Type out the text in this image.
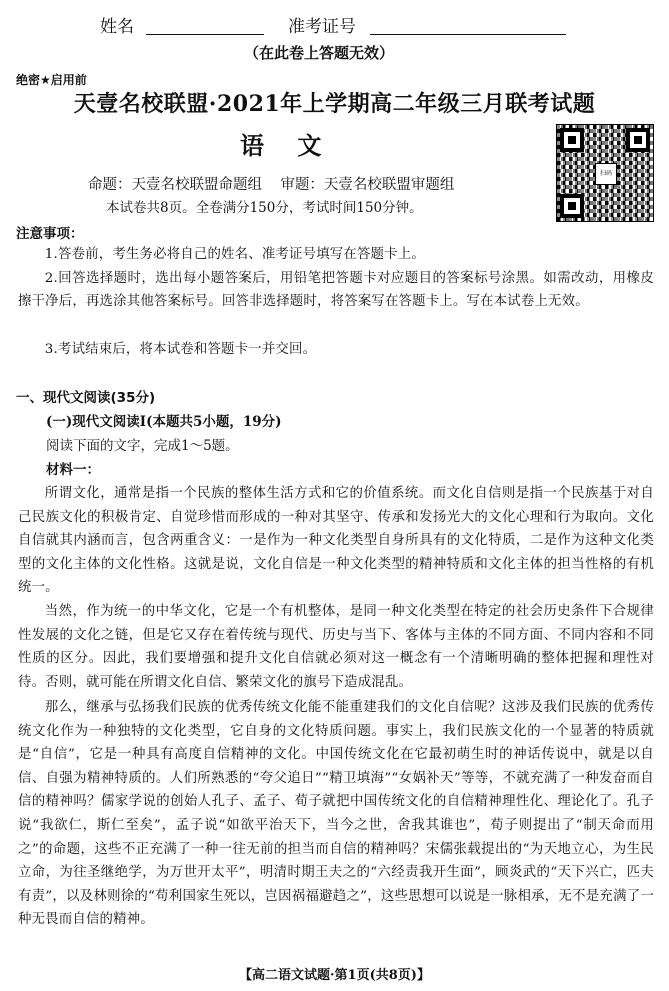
姓名	准考证号
（在此卷上答题无效）
绝密★启用前
天壹名校联盟·2021年上学期高二年级三月联考试题
语    文
扫码
命题：天壹名校联盟命题组    审题：天壹名校联盟审题组
本试卷共8页。全卷满分150分，考试时间150分钟。
注意事项：
1.答卷前，考生务必将自己的姓名、准考证号填写在答题卡上。
2.回答选择题时，选出每小题答案后，用铅笔把答题卡对应题目的答案标号涂黑。如需改动，用橡皮擦干净后，再选涂其他答案标号。回答非选择题时，将答案写在答题卡上。写在本试卷上无效。
3.考试结束后，将本试卷和答题卡一并交回。
一、现代文阅读(35分)
(一)现代文阅读Ⅰ(本题共5小题，19分)
阅读下面的文字，完成1～5题。
材料一：
所谓文化，通常是指一个民族的整体生活方式和它的价值系统。而文化自信则是指一个民族基于对自己民族文化的积极肯定、自觉珍惜而形成的一种对其坚守、传承和发扬光大的文化心理和行为取向。文化自信就其内涵而言，包含两重含义：一是作为一种文化类型自身所具有的文化特质，二是作为这种文化类型的文化主体的文化性格。这就是说，文化自信是一种文化类型的精神特质和文化主体的担当性格的有机统一。
当然，作为统一的中华文化，它是一个有机整体，是同一种文化类型在特定的社会历史条件下合规律性发展的文化之链，但是它又存在着传统与现代、历史与当下、客体与主体的不同方面、不同内容和不同性质的区分。因此，我们要增强和提升文化自信就必须对这一概念有一个清晰明确的整体把握和理性对待。否则，就可能在所谓文化自信、繁荣文化的旗号下造成混乱。
那么，继承与弘扬我们民族的优秀传统文化能不能重建我们的文化自信呢？这涉及我们民族的优秀传统文化作为一种独特的文化类型，它自身的文化特质问题。事实上，我们民族文化的一个显著的特质就是“自信”，它是一种具有高度自信精神的文化。中国传统文化在它最初萌生时的神话传说中，就是以自信、自强为精神特质的。人们所熟悉的“夸父追日”“精卫填海”“女娲补天”等等，不就充满了一种发奋而自信的精神吗？儒家学说的创始人孔子、孟子、荀子就把中国传统文化的自信精神理性化、理论化了。孔子说“我欲仁，斯仁至矣”，孟子说“如欲平治天下，当今之世，舍我其谁也”，荀子则提出了“制天命而用之”的命题，这些不正充满了一种一往无前的担当而自信的精神吗？宋儒张载提出的“为天地立心，为生民立命，为往圣继绝学，为万世开太平”，明清时期王夫之的“六经责我开生面”，顾炎武的“天下兴亡，匹夫有责”，以及林则徐的“苟利国家生死以，岂因祸福避趋之”，这些思想可以说是一脉相承，无不是充满了一种无畏而自信的精神。
【高二语文试题·第1页(共8页)】
